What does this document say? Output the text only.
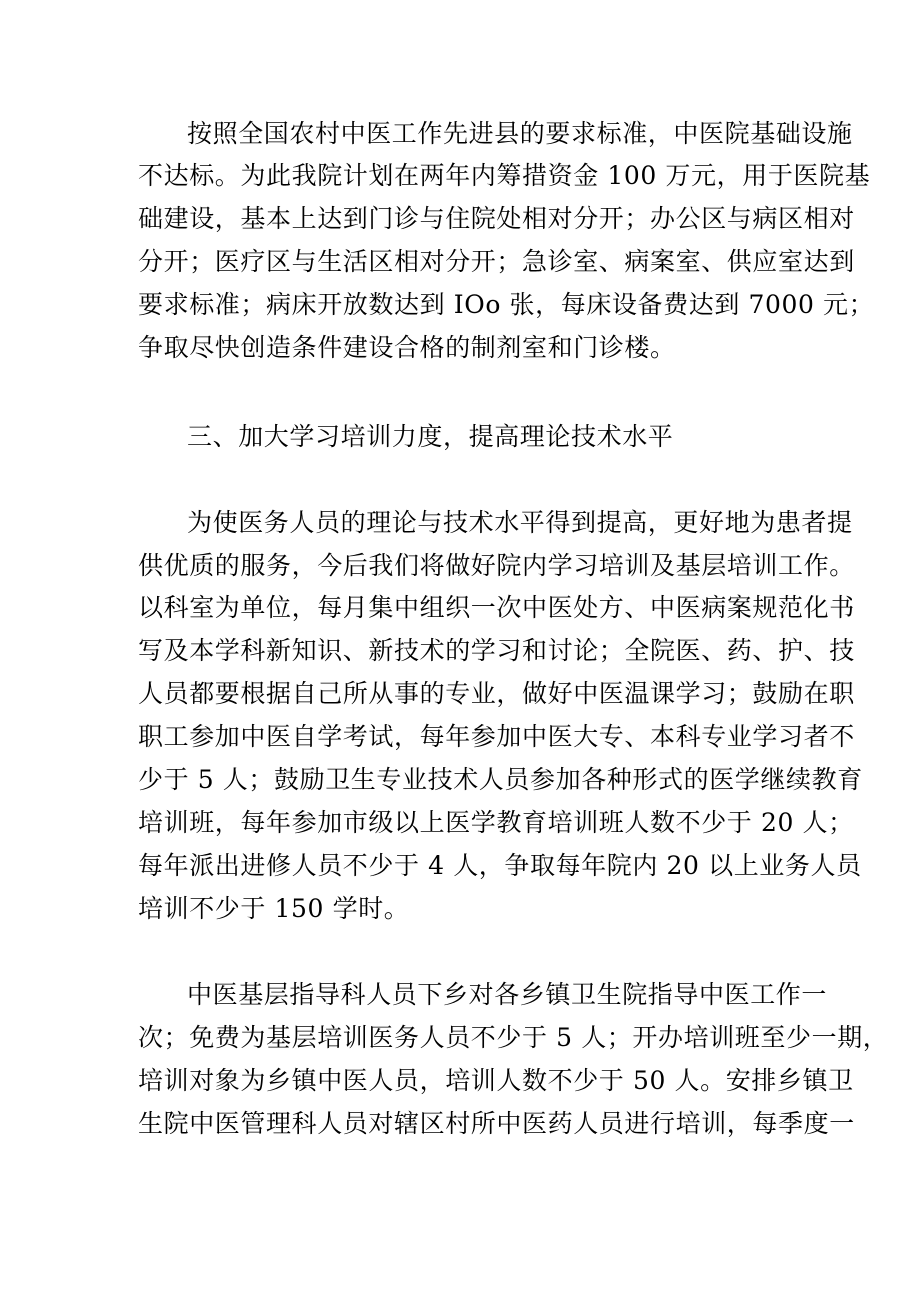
按照全国农村中医工作先进县的要求标准，中医院基础设施
不达标。为此我院计划在两年内筹措资金 100 万元，用于医院基
础建设，基本上达到门诊与住院处相对分开；办公区与病区相对
分开；医疗区与生活区相对分开；急诊室、病案室、供应室达到
要求标准；病床开放数达到 IOo 张，每床设备费达到 7000 元；
争取尽快创造条件建设合格的制剂室和门诊楼。
三、加大学习培训力度，提高理论技术水平
为使医务人员的理论与技术水平得到提高，更好地为患者提
供优质的服务，今后我们将做好院内学习培训及基层培训工作。
以科室为单位，每月集中组织一次中医处方、中医病案规范化书
写及本学科新知识、新技术的学习和讨论；全院医、药、护、技
人员都要根据自己所从事的专业，做好中医温课学习；鼓励在职
职工参加中医自学考试，每年参加中医大专、本科专业学习者不
少于 5 人；鼓励卫生专业技术人员参加各种形式的医学继续教育
培训班，每年参加市级以上医学教育培训班人数不少于 20 人；
每年派出进修人员不少于 4 人，争取每年院内 20 以上业务人员
培训不少于 150 学时。
中医基层指导科人员下乡对各乡镇卫生院指导中医工作一
次；免费为基层培训医务人员不少于 5 人；开办培训班至少一期，
培训对象为乡镇中医人员，培训人数不少于 50 人。安排乡镇卫
生院中医管理科人员对辖区村所中医药人员进行培训，每季度一
